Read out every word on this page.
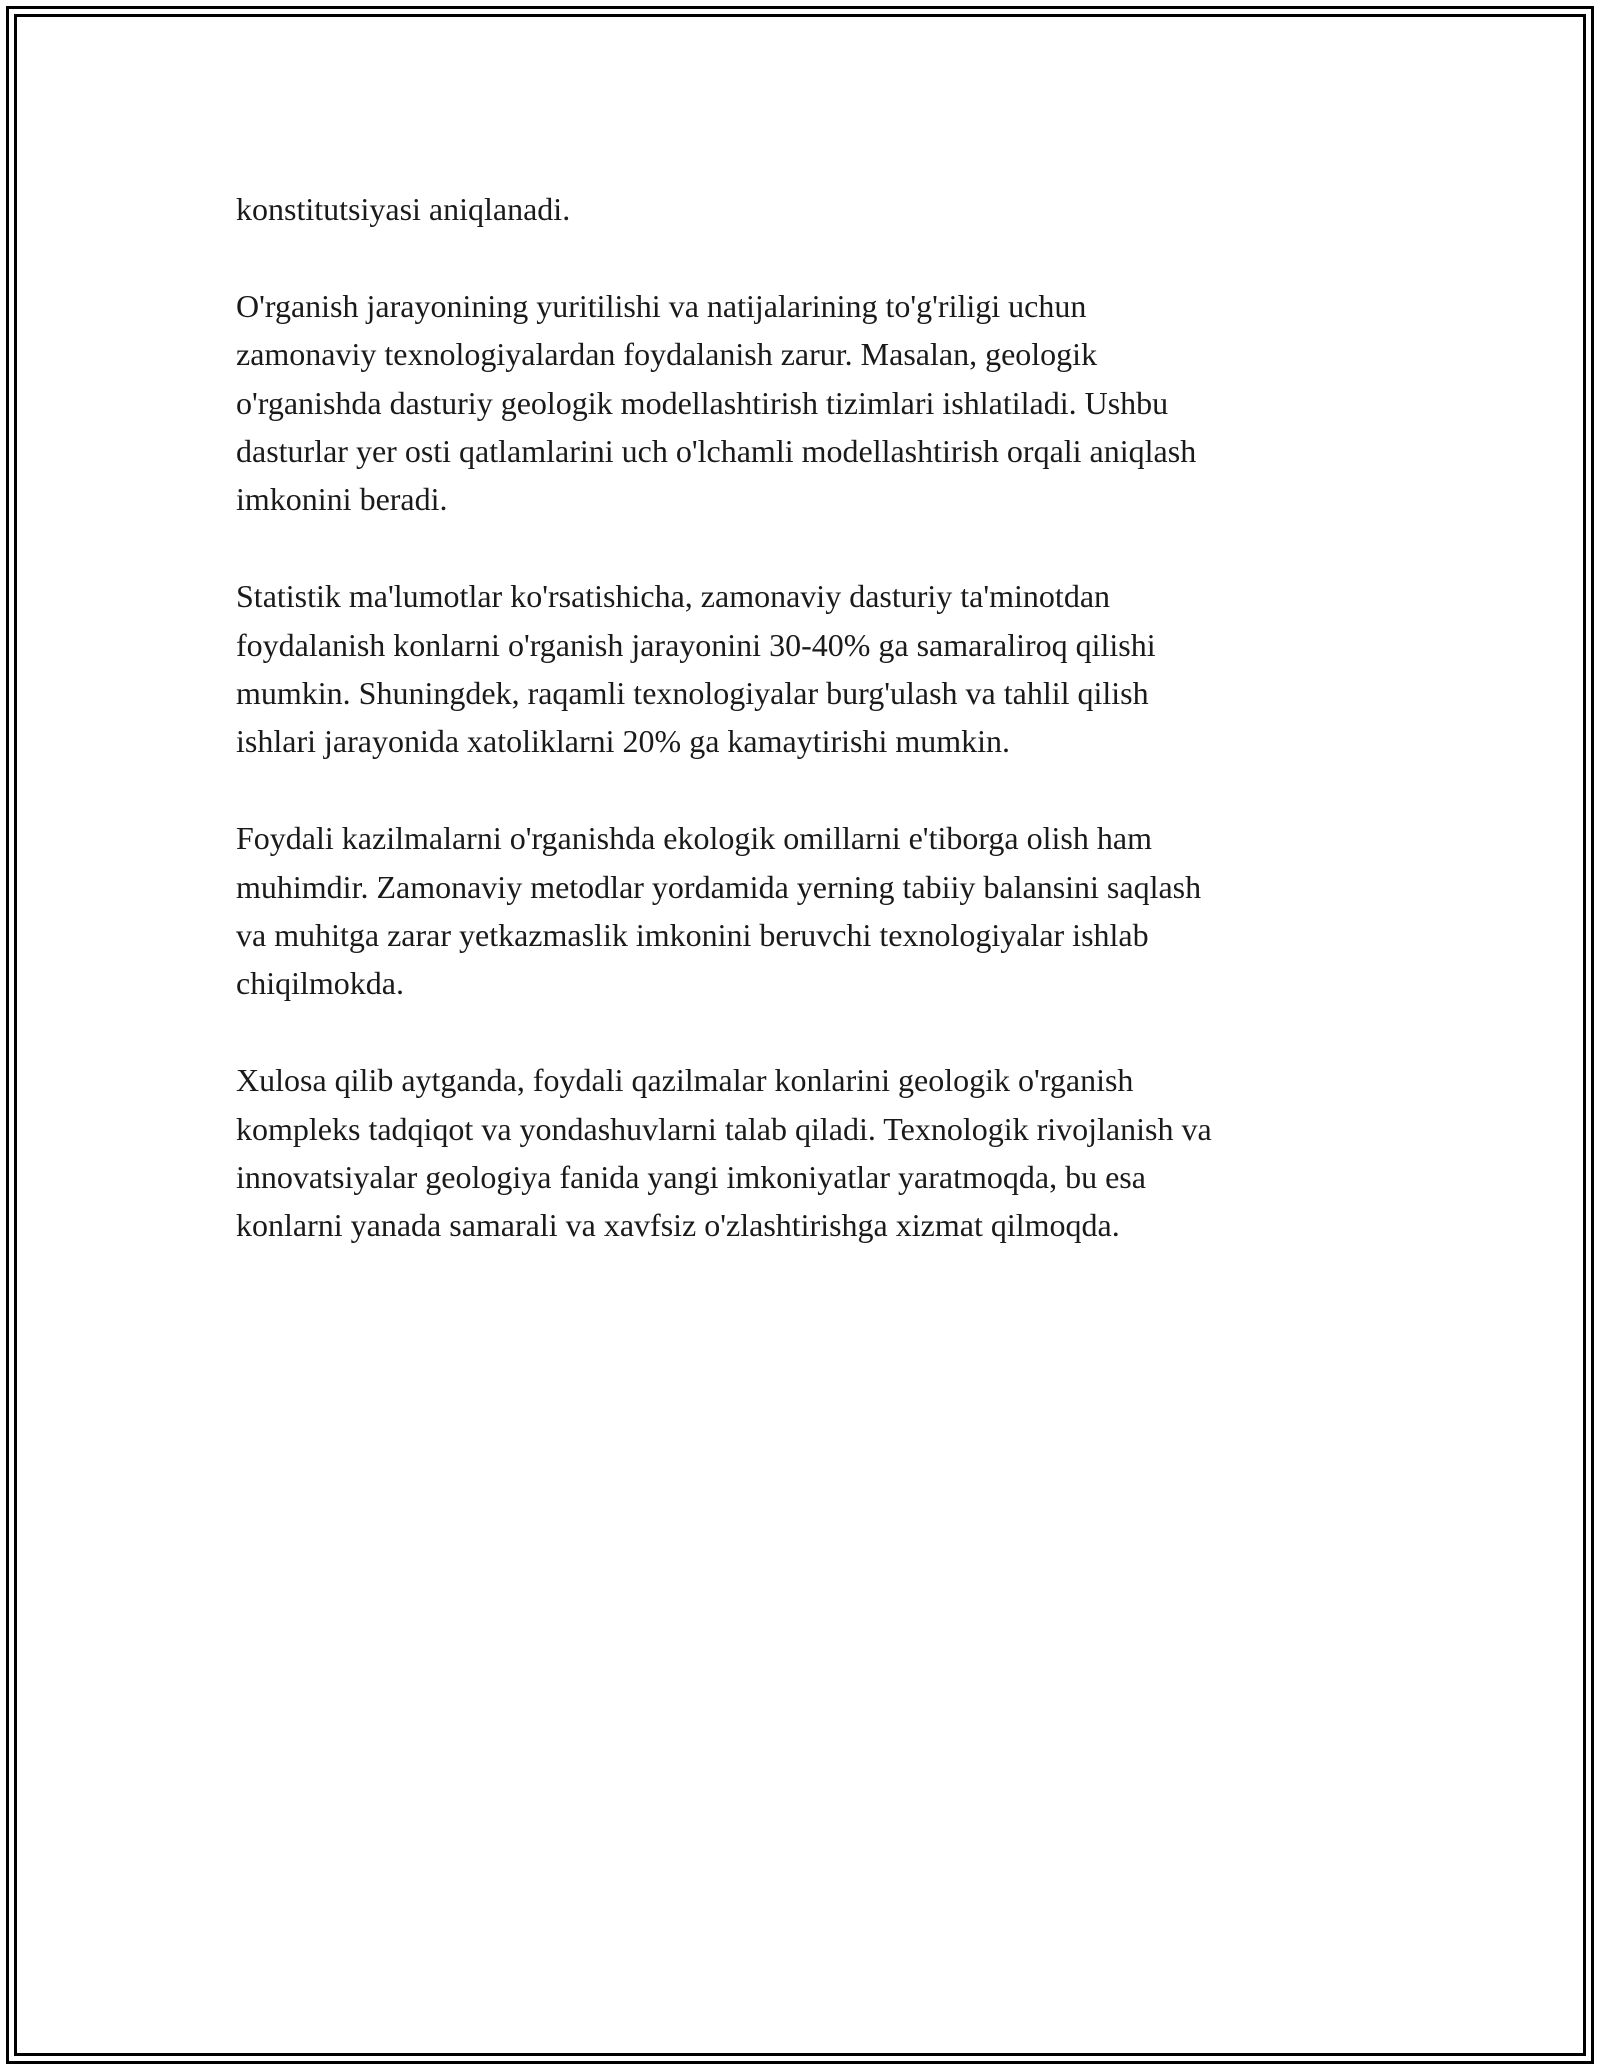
konstitutsiyasi aniqlanadi.

O'rganish jarayonining yuritilishi va natijalarining to'g'riligi uchun
zamonaviy texnologiyalardan foydalanish zarur. Masalan, geologik
o'rganishda dasturiy geologik modellashtirish tizimlari ishlatiladi. Ushbu
dasturlar yer osti qatlamlarini uch o'lchamli modellashtirish orqali aniqlash
imkonini beradi.

Statistik ma'lumotlar ko'rsatishicha, zamonaviy dasturiy ta'minotdan
foydalanish konlarni o'rganish jarayonini 30-40% ga samaraliroq qilishi
mumkin. Shuningdek, raqamli texnologiyalar burg'ulash va tahlil qilish
ishlari jarayonida xatoliklarni 20% ga kamaytirishi mumkin.

Foydali kazilmalarni o'rganishda ekologik omillarni e'tiborga olish ham
muhimdir. Zamonaviy metodlar yordamida yerning tabiiy balansini saqlash
va muhitga zarar yetkazmaslik imkonini beruvchi texnologiyalar ishlab
chiqilmokda.

Xulosa qilib aytganda, foydali qazilmalar konlarini geologik o'rganish
kompleks tadqiqot va yondashuvlarni talab qiladi. Texnologik rivojlanish va
innovatsiyalar geologiya fanida yangi imkoniyatlar yaratmoqda, bu esa
konlarni yanada samarali va xavfsiz o'zlashtirishga xizmat qilmoqda.
